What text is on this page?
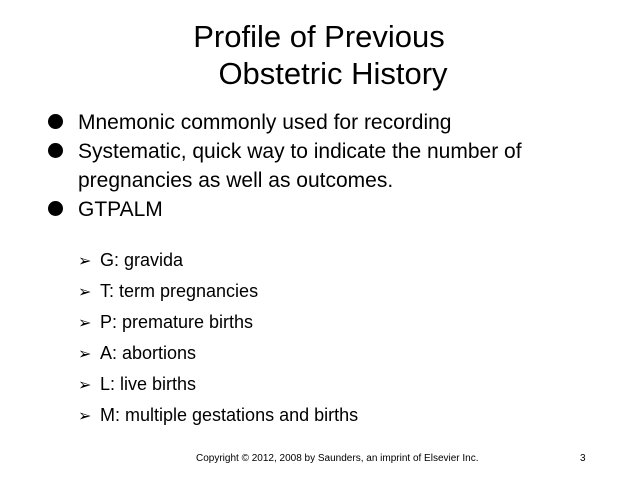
Profile of Previous
Obstetric History
Mnemonic commonly used for recording
Systematic, quick way to indicate the number of pregnancies as well as outcomes.
GTPALM
➢ G: gravida
➢ T: term pregnancies
➢ P: premature births
➢ A: abortions
➢ L: live births
➢ M: multiple gestations and births
Copyright © 2012, 2008 by Saunders, an imprint of Elsevier Inc.	3
